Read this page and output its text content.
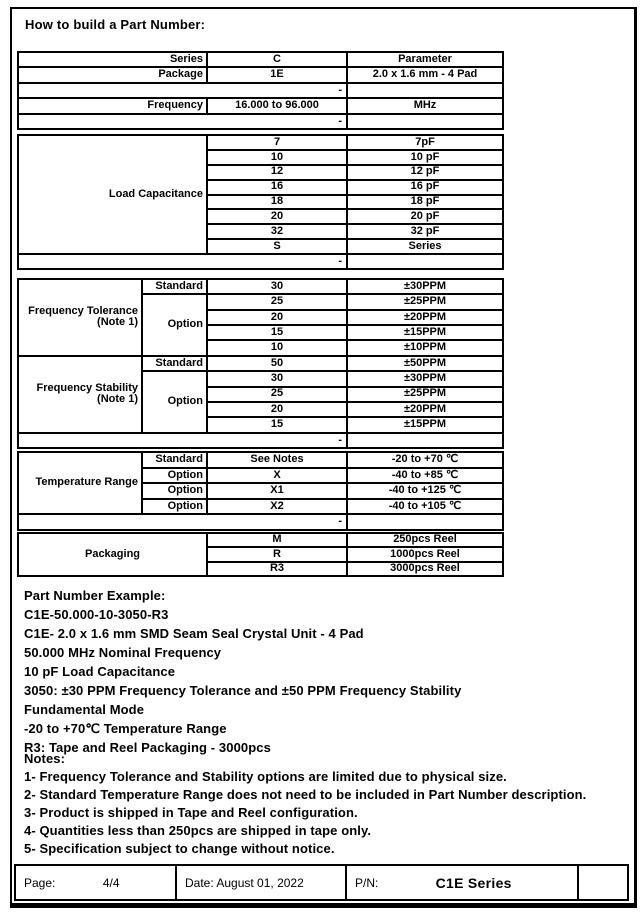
How to build a Part Number:
Series	C	Parameter
Package	1E	2.0 x 1.6 mm - 4 Pad
-		
Frequency	16.000 to 96.000	MHz
-		
Load Capacitance	7	7pF
	10	10 pF
	12	12 pF
	16	16 pF
	18	18 pF
	20	20 pF
	32	32 pF
	S	Series
-		
Frequency Tolerance
(Note 1)	Standard	30	±30PPM
	Option	25	±25PPM
		20	±20PPM
		15	±15PPM
		10	±10PPM

Frequency Stability
(Note 1)	Standard	50	±50PPM
	Option	30	±30PPM
		25	±25PPM
		20	±20PPM
		15	±15PPM
-			
Temperature Range	Standard	See Notes	-20 to +70 ℃
	Option	X	-40 to +85 ℃
	Option	X1	-40 to +125 ℃
	Option	X2	-40 to +105 ℃
-			
Packaging	M	250pcs Reel
	R	1000pcs Reel
	R3	3000pcs Reel
Part Number Example:
C1E-50.000-10-3050-R3
C1E- 2.0 x 1.6 mm SMD Seam Seal Crystal Unit - 4 Pad
50.000 MHz Nominal Frequency
10 pF Load Capacitance
3050: ±30 PPM Frequency Tolerance and ±50 PPM Frequency Stability
Fundamental Mode
-20 to +70℃ Temperature Range
R3: Tape and Reel Packaging - 3000pcs
Notes:
1- Frequency Tolerance and Stability options are limited due to physical size.
2- Standard Temperature Range does not need to be included in Part Number description.
3- Product is shipped in Tape and Reel configuration.
4- Quantities less than 250pcs are shipped in tape only.
5- Specification subject to change without notice.
Page:	4/4	Date: August 01, 2022	P/N:	C1E Series
